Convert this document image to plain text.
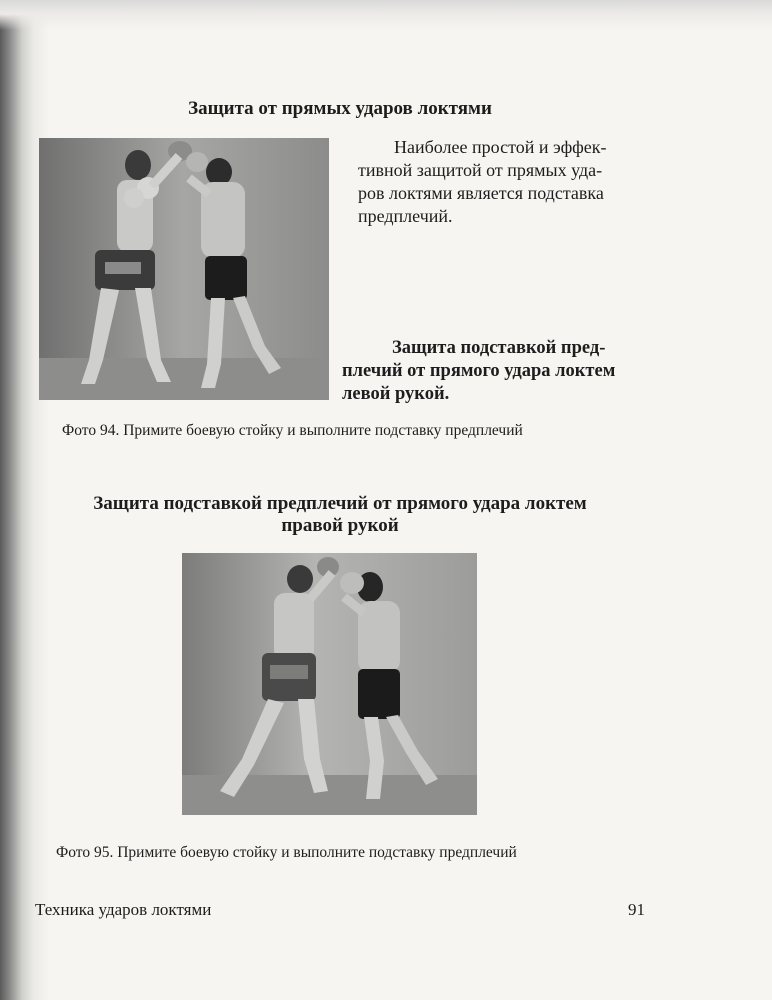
Защита от прямых ударов локтями
Наиболее простой и эффек-
тивной защитой от прямых уда-
ров локтями является подставка
предплечий.
Защита подставкой пред-
плечий от прямого удара локтем
левой рукой.
Фото 94. Примите боевую стойку и выполните подставку предплечий
Защита подставкой предплечий от прямого удара локтем
правой рукой
Фото 95. Примите боевую стойку и выполните подставку предплечий
Техника ударов локтями	91
